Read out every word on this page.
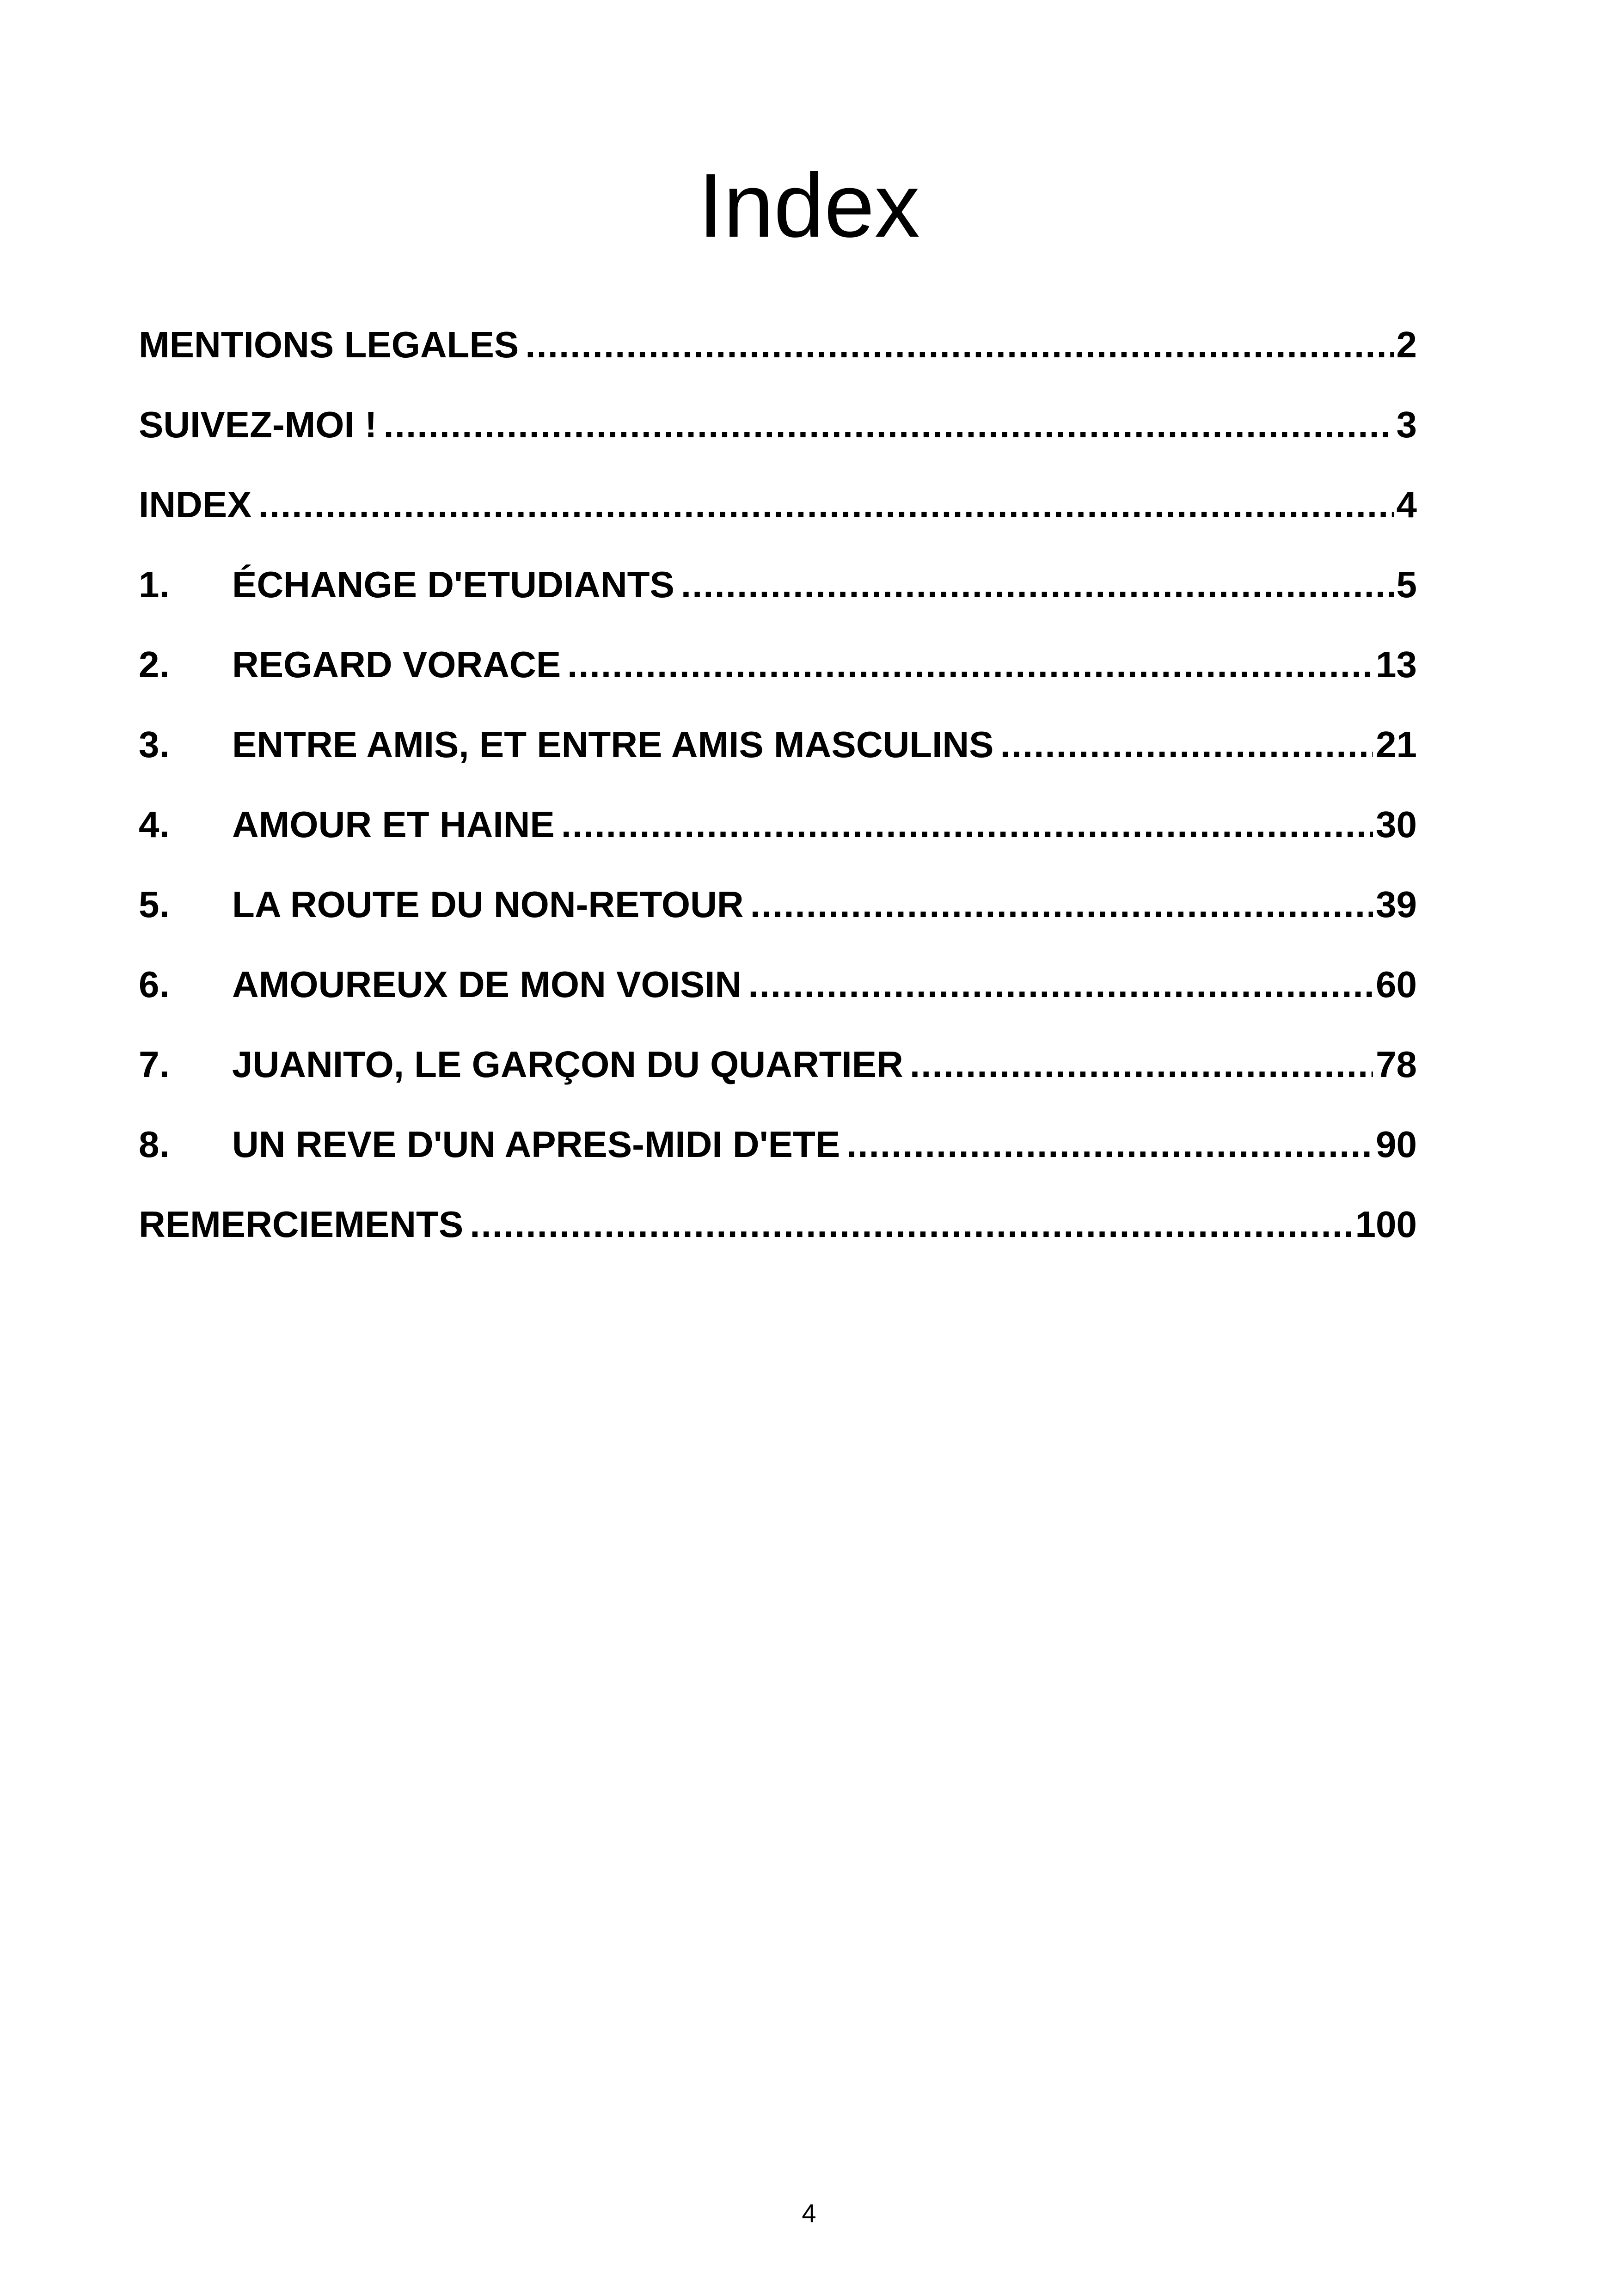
Index
MENTIONS LEGALES .....	2
SUIVEZ-MOI ! .....	3
INDEX .....	4
1.	ÉCHANGE D'ETUDIANTS .....	5
2.	REGARD VORACE .....	13
3.	ENTRE AMIS, ET ENTRE AMIS MASCULINS .....	21
4.	AMOUR ET HAINE .....	30
5.	LA ROUTE DU NON-RETOUR .....	39
6.	AMOUREUX DE MON VOISIN .....	60
7.	JUANITO, LE GARÇON DU QUARTIER .....	78
8.	UN REVE D'UN APRES-MIDI D'ETE .....	90
REMERCIEMENTS .....	100
4
